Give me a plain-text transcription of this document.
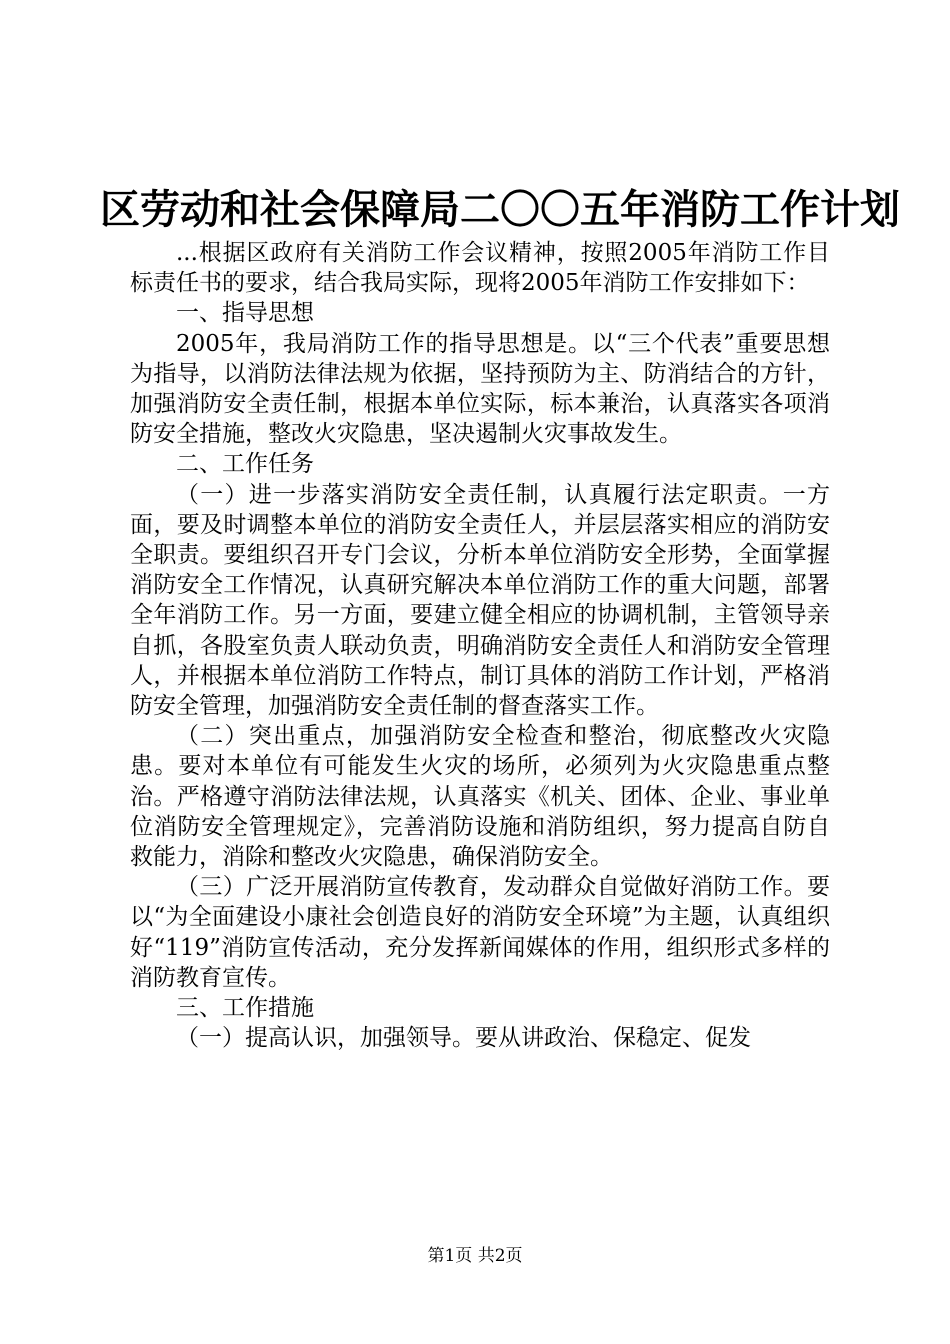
区劳动和社会保障局二〇〇五年消防工作计划

...根据区政府有关消防工作会议精神，按照2005年消防工作目标责任书的要求，结合我局实际，现将2005年消防工作安排如下：

一、指导思想

2005年，我局消防工作的指导思想是。以“三个代表”重要思想为指导，以消防法律法规为依据，坚持预防为主、防消结合的方针，加强消防安全责任制，根据本单位实际，标本兼治，认真落实各项消防安全措施，整改火灾隐患，坚决遏制火灾事故发生。

二、工作任务

（一）进一步落实消防安全责任制，认真履行法定职责。一方面，要及时调整本单位的消防安全责任人，并层层落实相应的消防安全职责。要组织召开专门会议，分析本单位消防安全形势，全面掌握消防安全工作情况，认真研究解决本单位消防工作的重大问题，部署全年消防工作。另一方面，要建立健全相应的协调机制，主管领导亲自抓，各股室负责人联动负责，明确消防安全责任人和消防安全管理人，并根据本单位消防工作特点，制订具体的消防工作计划，严格消防安全管理，加强消防安全责任制的督查落实工作。

（二）突出重点，加强消防安全检查和整治，彻底整改火灾隐患。要对本单位有可能发生火灾的场所，必须列为火灾隐患重点整治。严格遵守消防法律法规，认真落实《机关、团体、企业、事业单位消防安全管理规定》，完善消防设施和消防组织，努力提高自防自救能力，消除和整改火灾隐患，确保消防安全。

（三）广泛开展消防宣传教育，发动群众自觉做好消防工作。要以“为全面建设小康社会创造良好的消防安全环境”为主题，认真组织好“119”消防宣传活动，充分发挥新闻媒体的作用，组织形式多样的消防教育宣传。

三、工作措施

（一）提高认识，加强领导。要从讲政治、保稳定、促发

第1页 共2页
